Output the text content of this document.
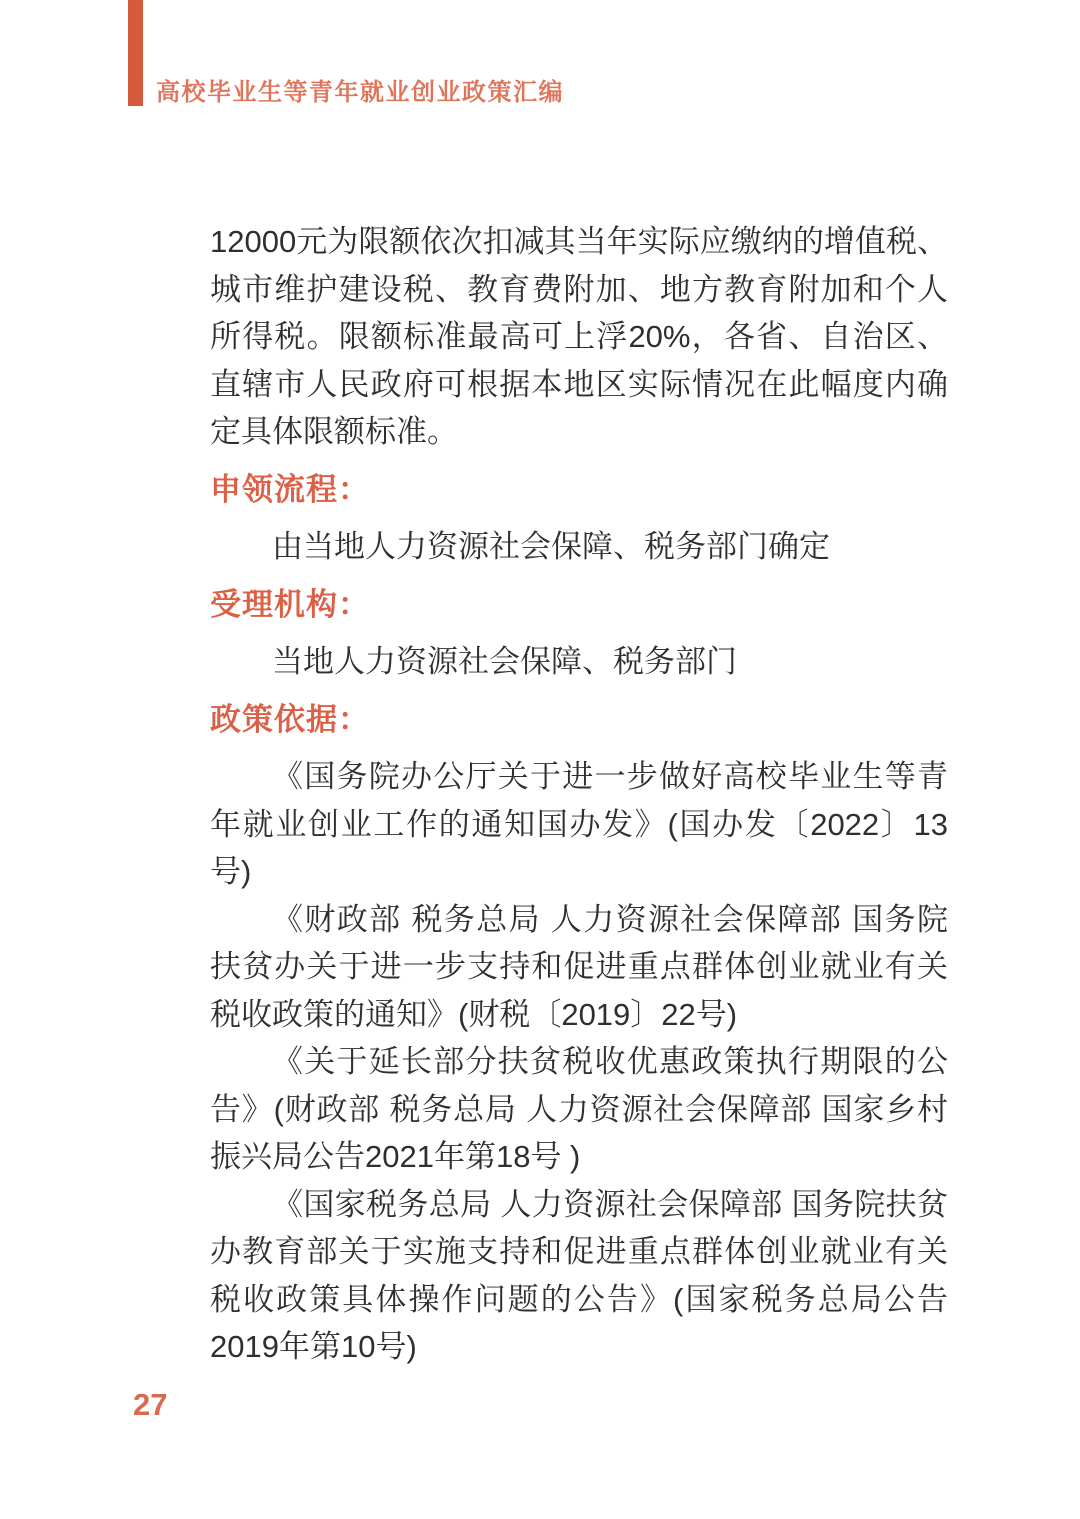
高校毕业生等青年就业创业政策汇编

12000元为限额依次扣减其当年实际应缴纳的增值税、城市维护建设税、教育费附加、地方教育附加和个人所得税。限额标准最高可上浮20%，各省、自治区、直辖市人民政府可根据本地区实际情况在此幅度内确定具体限额标准。

申领流程：

由当地人力资源社会保障、税务部门确定

受理机构：

当地人力资源社会保障、税务部门

政策依据：

《国务院办公厅关于进一步做好高校毕业生等青年就业创业工作的通知国办发》(国办发〔2022〕13号)

《财政部 税务总局 人力资源社会保障部 国务院扶贫办关于进一步支持和促进重点群体创业就业有关税收政策的通知》(财税〔2019〕22号)

《关于延长部分扶贫税收优惠政策执行期限的公告》(财政部 税务总局 人力资源社会保障部 国家乡村振兴局公告2021年第18号 )

《国家税务总局 人力资源社会保障部 国务院扶贫办教育部关于实施支持和促进重点群体创业就业有关税收政策具体操作问题的公告》(国家税务总局公告2019年第10号)

27
